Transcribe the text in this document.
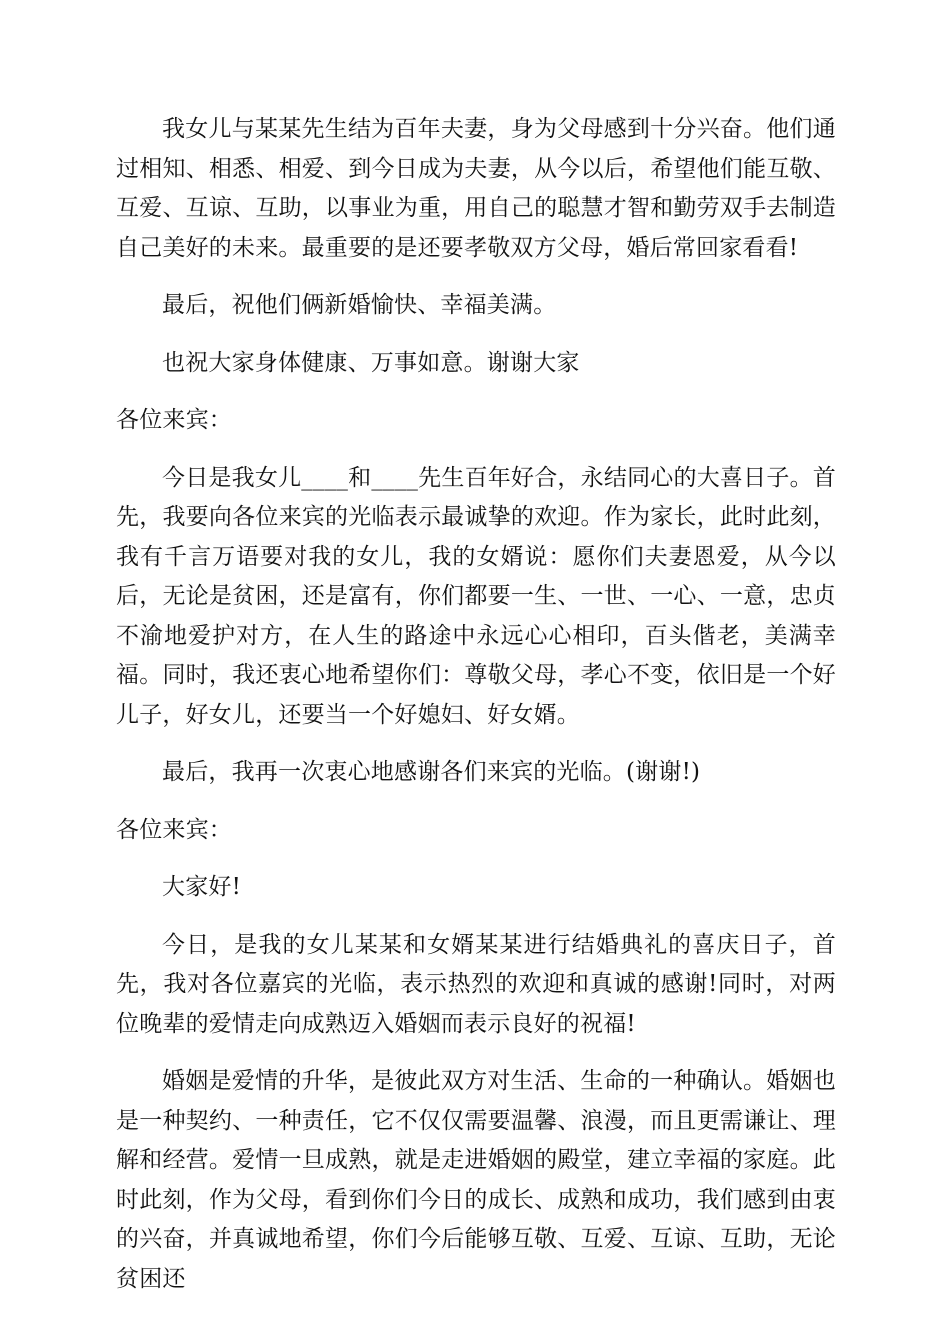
我女儿与某某先生结为百年夫妻，身为父母感到十分兴奋。他们通过相知、相悉、相爱、到今日成为夫妻，从今以后，希望他们能互敬、互爱、互谅、互助，以事业为重，用自己的聪慧才智和勤劳双手去制造自己美好的未来。最重要的是还要孝敬双方父母，婚后常回家看看!

最后，祝他们俩新婚愉快、幸福美满。

也祝大家身体健康、万事如意。谢谢大家

各位来宾：

今日是我女儿____和____先生百年好合，永结同心的大喜日子。首先，我要向各位来宾的光临表示最诚挚的欢迎。作为家长，此时此刻，我有千言万语要对我的女儿，我的女婿说：愿你们夫妻恩爱，从今以后，无论是贫困，还是富有，你们都要一生、一世、一心、一意，忠贞不渝地爱护对方，在人生的路途中永远心心相印，百头偕老，美满幸福。同时，我还衷心地希望你们：尊敬父母，孝心不变，依旧是一个好儿子，好女儿，还要当一个好媳妇、好女婿。

最后，我再一次衷心地感谢各们来宾的光临。(谢谢!)

各位来宾：

大家好!

今日，是我的女儿某某和女婿某某进行结婚典礼的喜庆日子，首先，我对各位嘉宾的光临，表示热烈的欢迎和真诚的感谢!同时，对两位晚辈的爱情走向成熟迈入婚姻而表示良好的祝福!

婚姻是爱情的升华，是彼此双方对生活、生命的一种确认。婚姻也是一种契约、一种责任，它不仅仅需要温馨、浪漫，而且更需谦让、理解和经营。爱情一旦成熟，就是走进婚姻的殿堂，建立幸福的家庭。此时此刻，作为父母，看到你们今日的成长、成熟和成功，我们感到由衷的兴奋，并真诚地希望，你们今后能够互敬、互爱、互谅、互助，无论贫困还
